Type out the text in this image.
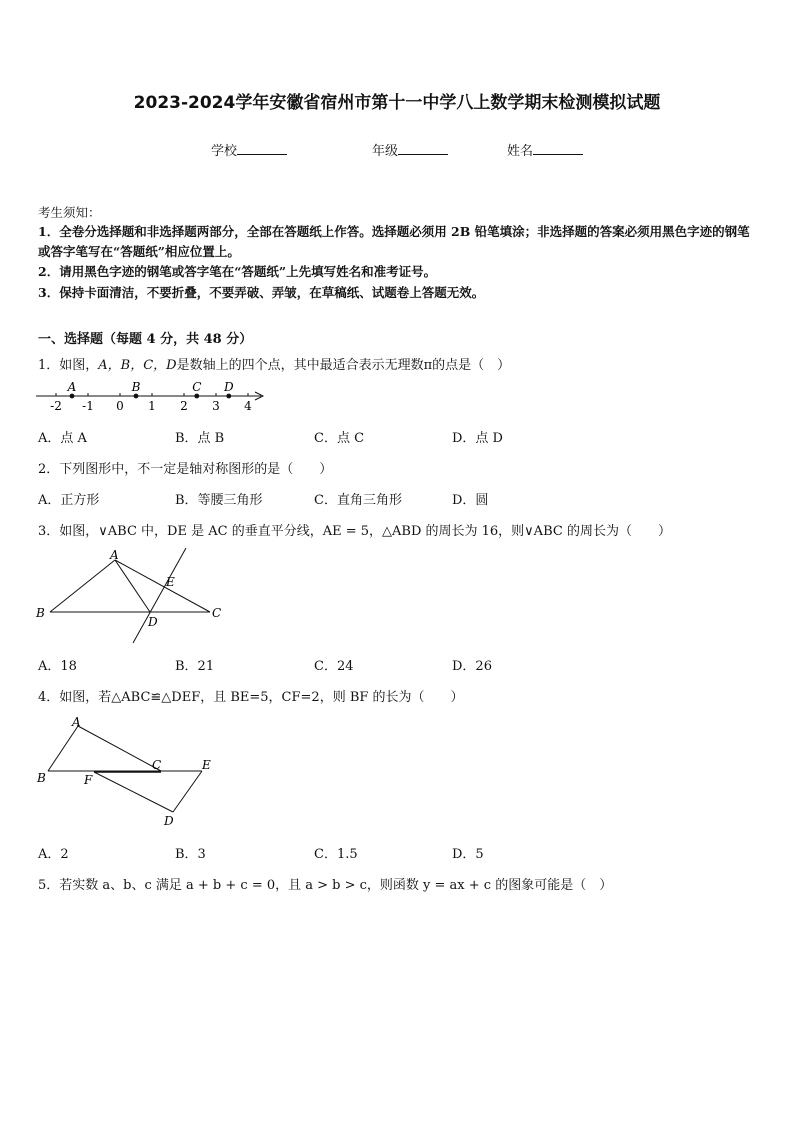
2023-2024学年安徽省宿州市第十一中学八上数学期末检测模拟试题
学校	年级	姓名
考生须知：
1．全卷分选择题和非选择题两部分，全部在答题纸上作答。选择题必须用 2B 铅笔填涂；非选择题的答案必须用黑色字迹的钢笔或答字笔写在“答题纸”相应位置上。
2．请用黑色字迹的钢笔或答字笔在“答题纸”上先填写姓名和准考证号。
3．保持卡面清洁，不要折叠，不要弄破、弄皱，在草稿纸、试题卷上答题无效。
一、选择题（每题 4 分，共 48 分）
1．如图，A，B，C，D是数轴上的四个点，其中最适合表示无理数π的点是（　）
-2 -1 0 1 2 3 4
A	B	C D
A．点 A	B．点 B	C．点 C	D．点 D
2．下列图形中，不一定是轴对称图形的是（　　）
A．正方形	B．等腰三角形	C．直角三角形	D．圆
3．如图，∨ABC 中，DE 是 AC 的垂直平分线，AE = 5，△ABD 的周长为 16，则∨ABC 的周长为（　　）
A
B	C
D
E
A．18	B．21	C．24	D．26
4．如图，若△ABC≌△DEF，且 BE=5，CF=2，则 BF 的长为（　　）
A
B
C	E
F
D
A．2	B．3	C．1.5	D．5
5．若实数 a、b、c 满足 a + b + c = 0，且 a > b > c，则函数 y = ax + c 的图象可能是（　）
